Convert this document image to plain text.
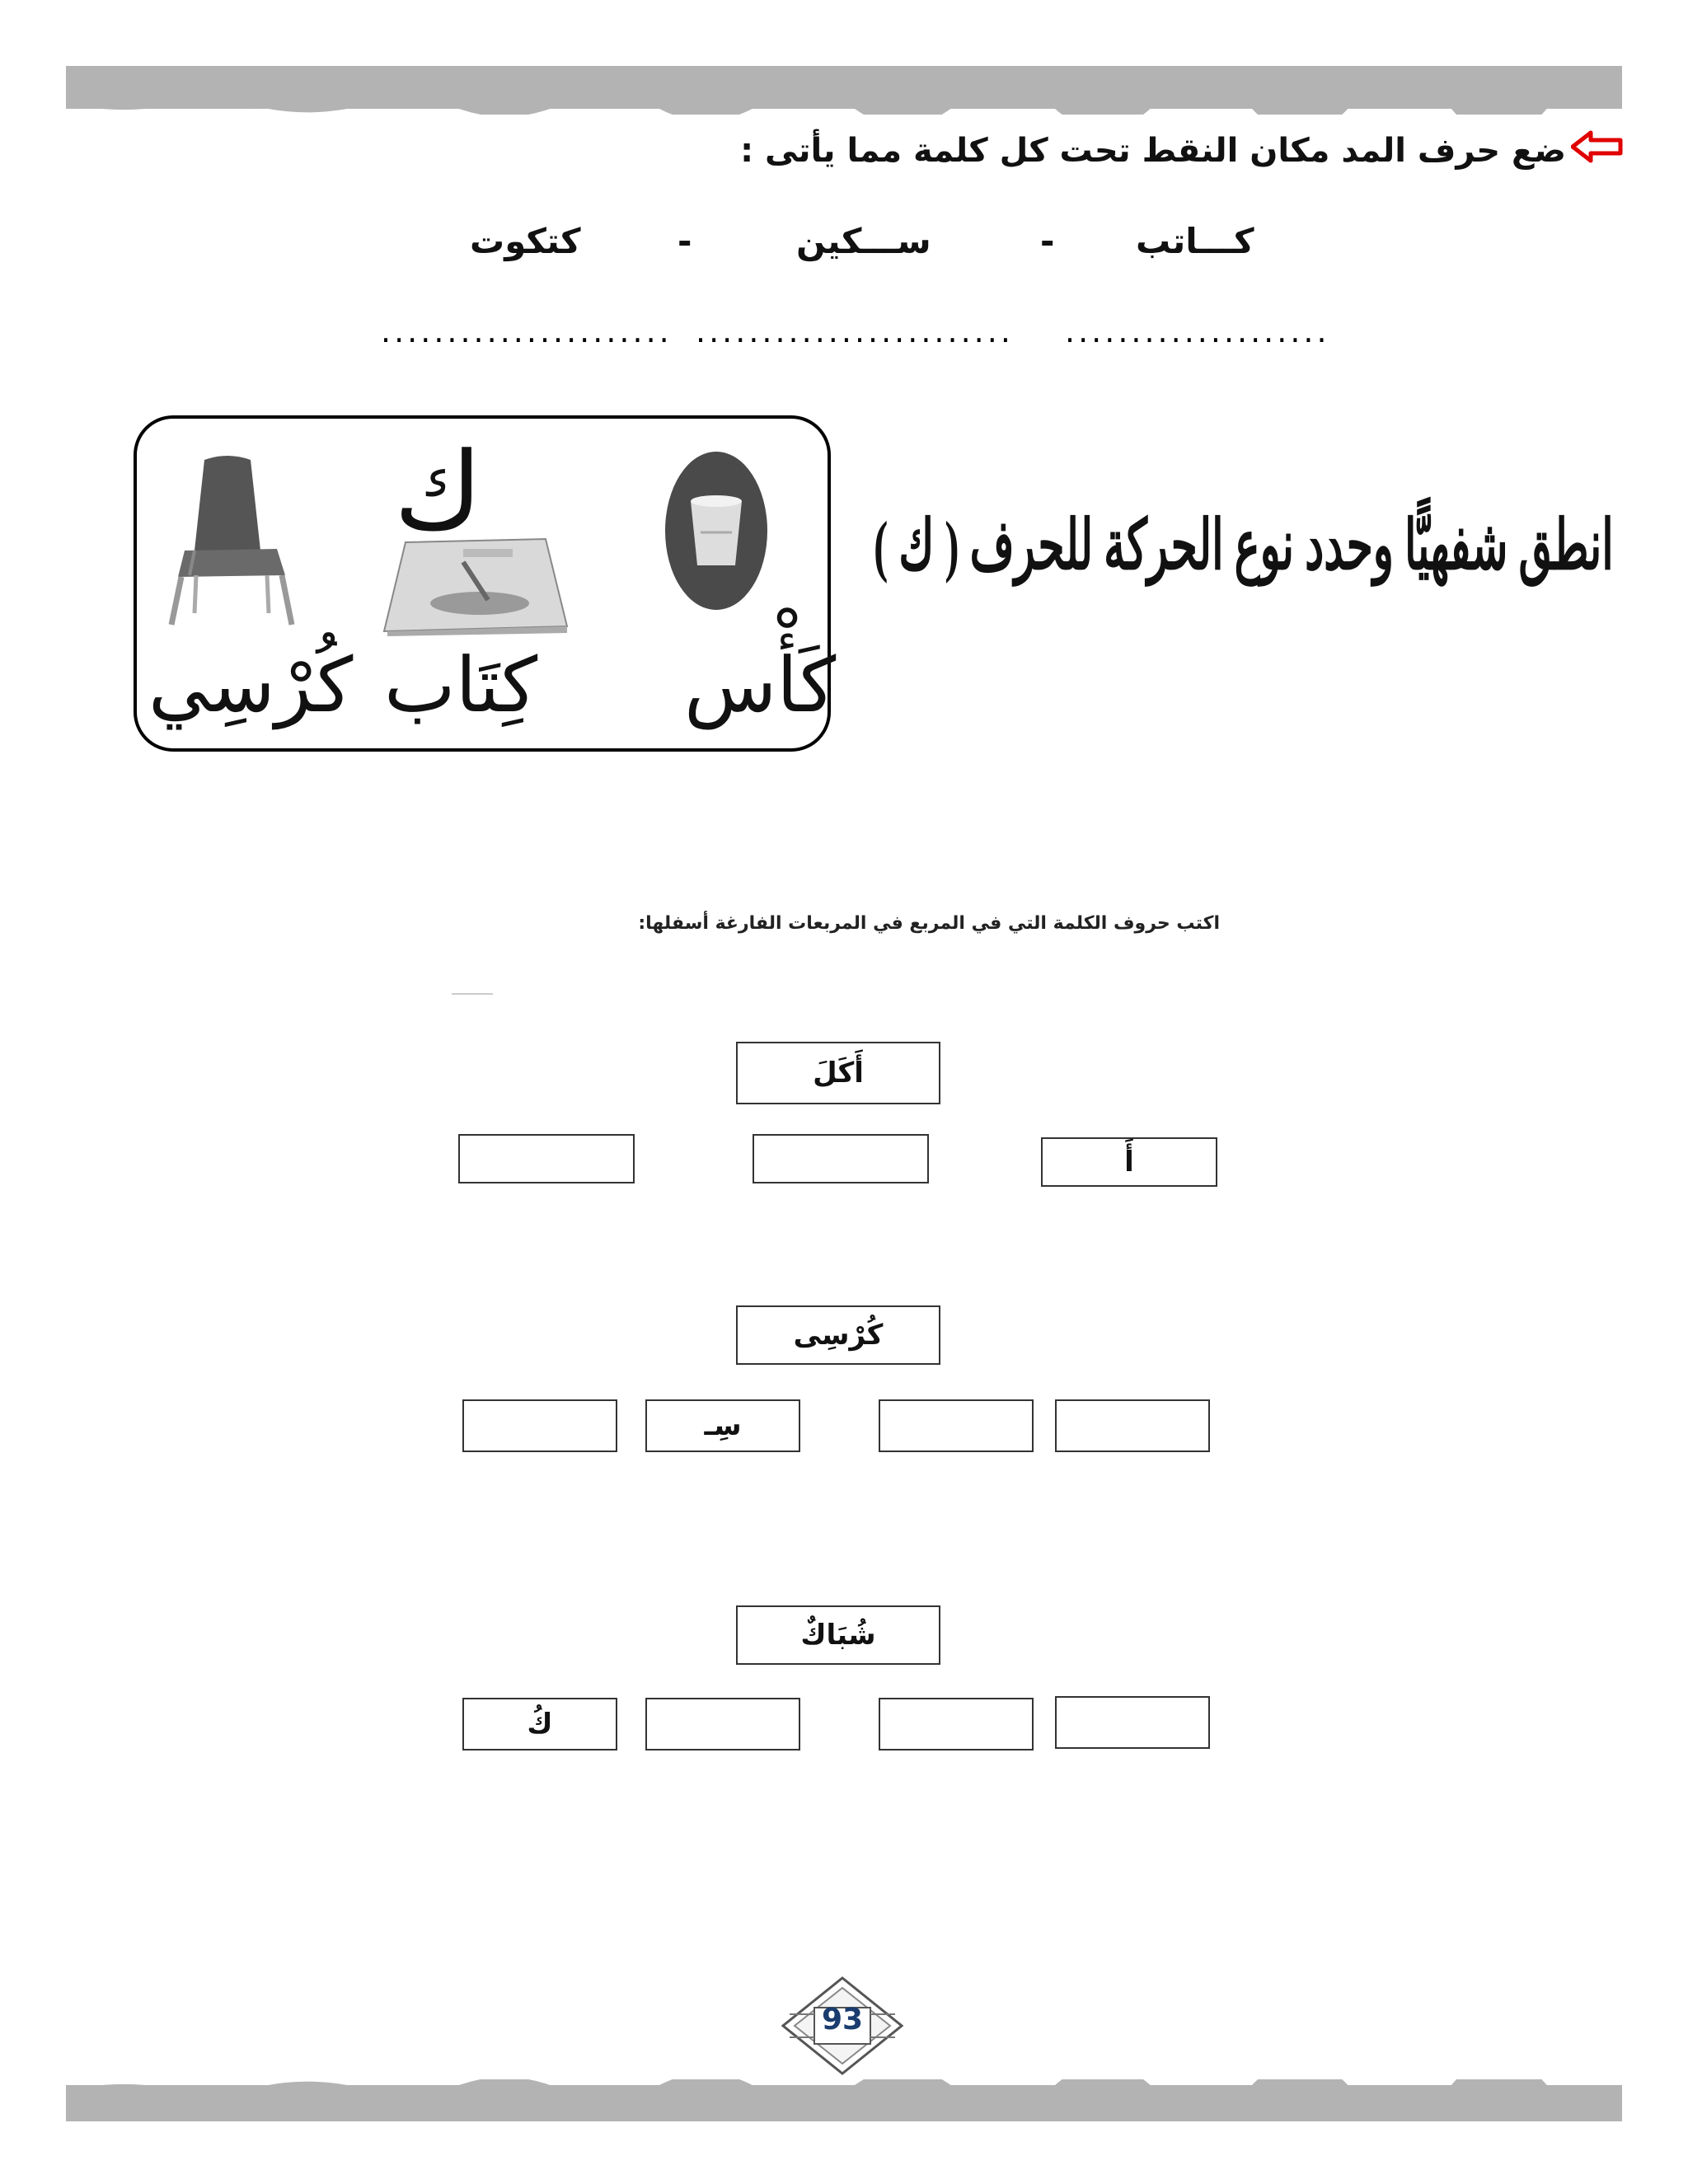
ضع حرف المد مكان النقط تحت كل كلمة مما يأتى :
كـــاتب
-
ســـكين
-
كتكوت
....................
........................
......................
ك
كَأْس
كِتَاب
كُرْسِي
انطق شفهيًّا وحدد نوع الحركة للحرف ( ك )
اكتب حروف الكلمة التي في المربع في المربعات الفارغة أسفلها:
أَكَلَ
أَ
كُرْسِى
سِـ
شُبَاكٌ
كُ
93
